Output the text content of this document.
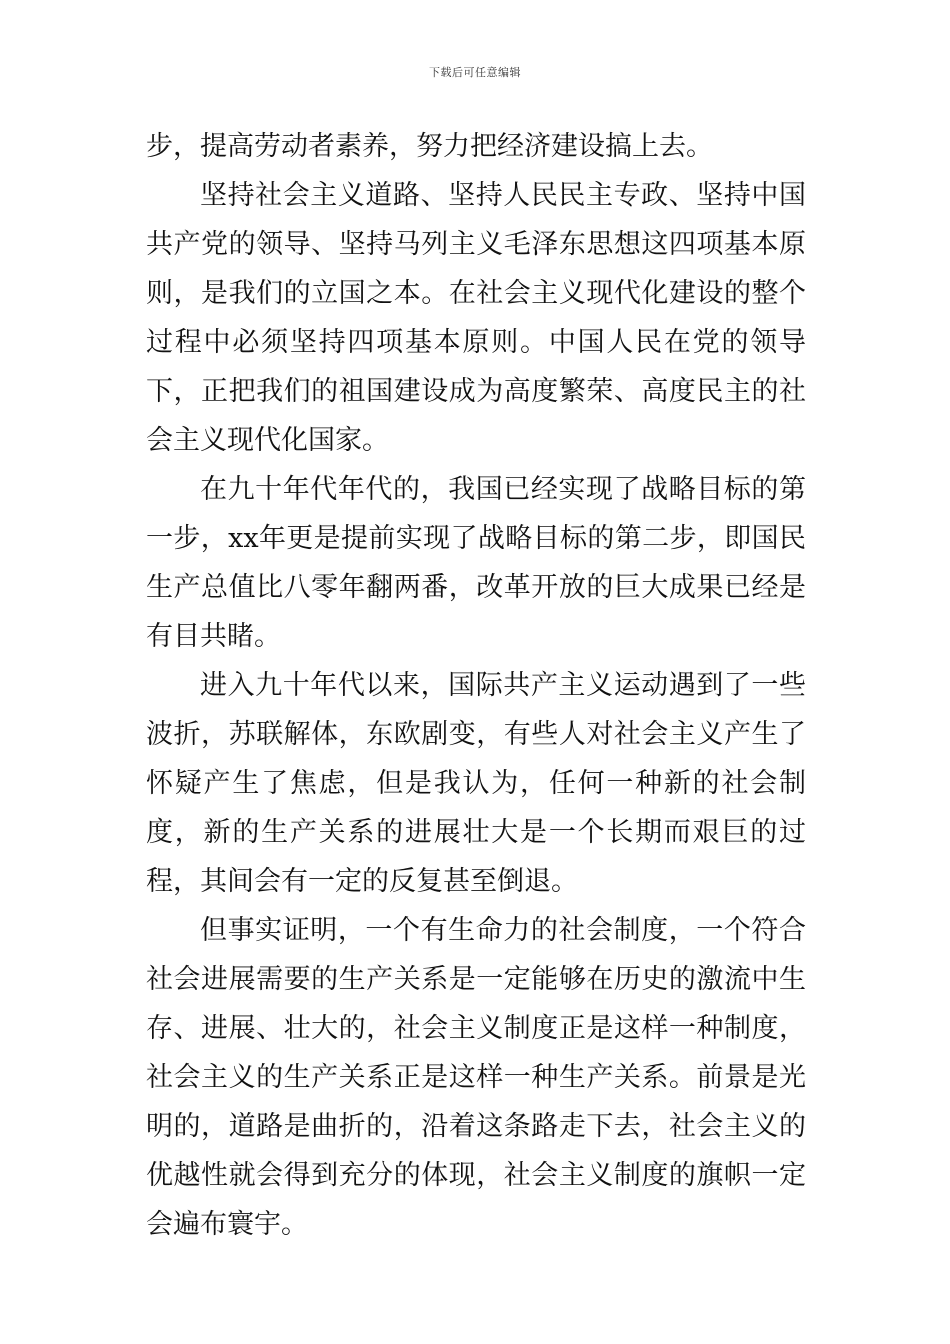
下载后可任意编辑

步，提高劳动者素养，努力把经济建设搞上去。

坚持社会主义道路、坚持人民民主专政、坚持中国共产党的领导、坚持马列主义毛泽东思想这四项基本原则，是我们的立国之本。在社会主义现代化建设的整个过程中必须坚持四项基本原则。中国人民在党的领导下，正把我们的祖国建设成为高度繁荣、高度民主的社会主义现代化国家。

在九十年代年代的，我国已经实现了战略目标的第一步，xx年更是提前实现了战略目标的第二步，即国民生产总值比八零年翻两番，改革开放的巨大成果已经是有目共睹。

进入九十年代以来，国际共产主义运动遇到了一些波折，苏联解体，东欧剧变，有些人对社会主义产生了怀疑产生了焦虑，但是我认为，任何一种新的社会制度，新的生产关系的进展壮大是一个长期而艰巨的过程，其间会有一定的反复甚至倒退。

但事实证明，一个有生命力的社会制度，一个符合社会进展需要的生产关系是一定能够在历史的激流中生存、进展、壮大的，社会主义制度正是这样一种制度，社会主义的生产关系正是这样一种生产关系。前景是光明的，道路是曲折的，沿着这条路走下去，社会主义的优越性就会得到充分的体现，社会主义制度的旗帜一定会遍布寰宇。
